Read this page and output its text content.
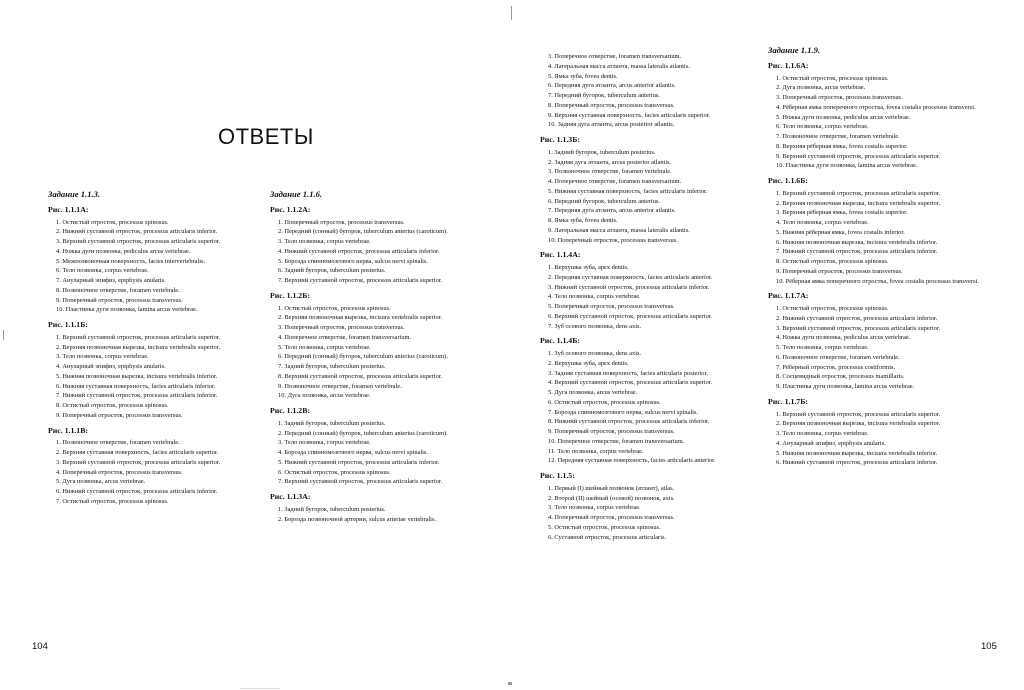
ОТВЕТЫ
Задание 1.1.3.
Рис. 1.1.1А:
1. Остистый отросток, processus spinosus.
2. Нижний суставной отросток, processus articularis inferior.
3. Верхний суставной отросток, processus articularis superior.
4. Ножка дуги позвонка, pediculus arcus vertebrae.
5. Межпозвоночная поверхность, facies intervertebralis.
6. Тело позвонка, corpus vertebrae.
7. Ануларный эпифиз, epiphysis anularis.
8. Позвоночное отверстие, foramen vertebrale.
9. Поперечный отросток, processus transversus.
10. Пластинка дуги позвонка, lamina arcus vertebrae.
Рис. 1.1.1Б:
1. Верхний суставной отросток, processus articularis superior.
2. Верхняя позвоночная вырезка, incisura vertebralis superior.
3. Тело позвонка, corpus vertebrae.
4. Ануларный эпифиз, epiphysis anularis.
5. Нижняя позвоночная вырезка, incisura vertebralis inferior.
6. Нижняя суставная поверхность, facies articularis inferior.
7. Нижний суставной отросток, processus articularis inferior.
8. Остистый отросток, processus spinosus.
9. Поперечный отросток, processus transversus.
Рис. 1.1.1В:
1. Позвоночное отверстие, foramen vertebrale.
2. Верхняя суставная поверхность, facies articularis superior.
3. Верхний суставной отросток, processus articularis superior.
4. Поперечный отросток, processus transversus.
5. Дуга позвонка, arcus vertebrae.
6. Нижний суставной отросток, processus articularis inferior.
7. Остистый отросток, processus spinosus.
Задание 1.1.6.
Рис. 1.1.2А:
1. Поперечный отросток, processus transversus.
2. Передний (сонный) бугорок, tuberculum anterius (caroticum).
3. Тело позвонка, corpus vertebrae.
4. Нижний суставной отросток, processus articularis inferior.
5. Борозда спинномозгового нерва, sulcus nervi spinalis.
6. Задний бугорок, tuberculum posterius.
7. Верхний суставной отросток, processus articularis superior.
Рис. 1.1.2Б:
1. Остистый отросток, processus spinosus.
2. Верхняя позвоночная вырезка, incisura vertebralis superior.
3. Поперечный отросток, processus transversus.
4. Поперечное отверстие, foramen transversarium.
5. Тело позвонка, corpus vertebrae.
6. Передний (сонный) бугорок, tuberculum anterius (caroticum).
7. Задний бугорок, tuberculum posterius.
8. Верхний суставной отросток, processus articularis superior.
9. Позвоночное отверстие, foramen vertebrale.
10. Дуга позвонка, arcus vertebrae.
Рис. 1.1.2В:
1. Задний бугорок, tuberculum posterius.
2. Передний (сонный) бугорок, tuberculum anterius (caroticum).
3. Тело позвонка, corpus vertebrae.
4. Борозда спинномозгового нерва, sulcus nervi spinalis.
5. Нижний суставной отросток, processus articularis inferior.
6. Остистый отросток, processus spinosus.
7. Верхний суставной отросток, processus articularis superior.
Рис. 1.1.3А:
1. Задний бугорок, tuberculum posterius.
2. Борозда позвоночной артерии, sulcus arteriae vertebralis.
104
3. Поперечное отверстие, foramen transversarium.
4. Латеральная масса атланта, massa lateralis atlantis.
5. Ямка зуба, fovea dentis.
6. Передняя дуга атланта, arcus anterior atlantis.
7. Передний бугорок, tuberculum anterius.
8. Поперечный отросток, processus transversus.
9. Верхняя суставная поверхность, facies articularis superior.
10. Задняя дуга атланта, arcus posterior atlantis.
Рис. 1.1.3Б:
1. Задний бугорок, tuberculum posterius.
2. Задняя дуга атланта, arcus posterior atlantis.
3. Позвоночное отверстие, foramen vertebrale.
4. Поперечное отверстие, foramen transversarium.
5. Нижняя суставная поверхность, facies articularis inferior.
6. Передний бугорок, tuberculum anterius.
7. Передняя дуга атланта, arcus anterior atlantis.
8. Ямка зуба, fovea dentis.
9. Латеральная масса атланта, massa lateralis atlantis.
10. Поперечный отросток, processus transversus.
Рис. 1.1.4А:
1. Верхушка зуба, apex dentis.
2. Передняя суставная поверхность, facies articularis anterior.
3. Нижний суставной отросток, processus articularis inferior.
4. Тело позвонка, corpus vertebrae.
5. Поперечный отросток, processus transversus.
6. Верхний суставной отросток, processus articularis superior.
7. Зуб осевого позвонка, dens axis.
Рис. 1.1.4Б:
1. Зуб осевого позвонка, dens axis.
2. Верхушка зуба, apex dentis.
3. Задняя суставная поверхность, facies articularis posterior.
4. Верхний суставной отросток, processus articularis superior.
5. Дуга позвонка, arcus vertebrae.
6. Остистый отросток, processus spinosus.
7. Борозда спинномозгового нерва, sulcus nervi spinalis.
8. Нижний суставной отросток, processus articularis inferior.
9. Поперечный отросток, processus transversus.
10. Поперечное отверстие, foramen transversarium.
11. Тело позвонка, corpus vertebrae.
12. Передняя суставная поверхность, facies articularis anterior.
Рис. 1.1.5:
1. Первый (I) шейный позвонок (атлант), atlas.
2. Второй (II) шейный (осевой) позвонок, axis.
3. Тело позвонка, corpus vertebrae.
4. Поперечный отросток, processus transversus.
5. Остистый отросток, processus spinosus.
6. Суставной отросток, processus articularis.
Задание 1.1.9.
Рис. 1.1.6А:
1. Остистый отросток, processus spinosus.
2. Дуга позвонка, arcus vertebrae.
3. Поперечный отросток, processus transversus.
4. Рёберная ямка поперечного отростка, fovea costalis processus transversi.
5. Ножка дуги позвонка, pediculus arcus vertebrae.
6. Тело позвонка, corpus vertebrae.
7. Позвоночное отверстие, foramen vertebrale.
8. Верхняя рёберная ямка, fovea costalis superior.
9. Верхний суставной отросток, processus articularis superior.
10. Пластинка дуги позвонка, lamina arcus vertebrae.
Рис. 1.1.6Б:
1. Верхний суставной отросток, processus articularis superior.
2. Верхняя позвоночная вырезка, incisura vertebralis superior.
3. Верхняя рёберная ямка, fovea costalis superior.
4. Тело позвонка, corpus vertebrae.
5. Нижняя рёберная ямка, fovea costalis inferior.
6. Нижняя позвоночная вырезка, incisura vertebralis inferior.
7. Нижний суставной отросток, processus articularis inferior.
8. Остистый отросток, processus spinosus.
9. Поперечный отросток, processus transversus.
10. Рёберная ямка поперечного отростка, fovea costalis processus transversi.
Рис. 1.1.7А:
1. Остистый отросток, processus spinosus.
2. Нижний суставной отросток, processus articularis inferior.
3. Верхний суставной отросток, processus articularis superior.
4. Ножка дуги позвонка, pediculus arcus vertebrae.
5. Тело позвонка, corpus vertebrae.
6. Позвоночное отверстие, foramen vertebrale.
7. Рёберный отросток, processus costiformis.
8. Сосцевидный отросток, processus mamillaris.
9. Пластинка дуги позвонка, lamina arcus vertebrae.
Рис. 1.1.7Б:
1. Верхний суставной отросток, processus articularis superior.
2. Верхняя позвоночная вырезка, incisura vertebralis superior.
3. Тело позвонка, corpus vertebrae.
4. Ануларный эпифиз, epiphysis anularis.
5. Нижняя позвоночная вырезка, incisura vertebralis inferior.
6. Нижний суставной отросток, processus articularis inferior.
105
